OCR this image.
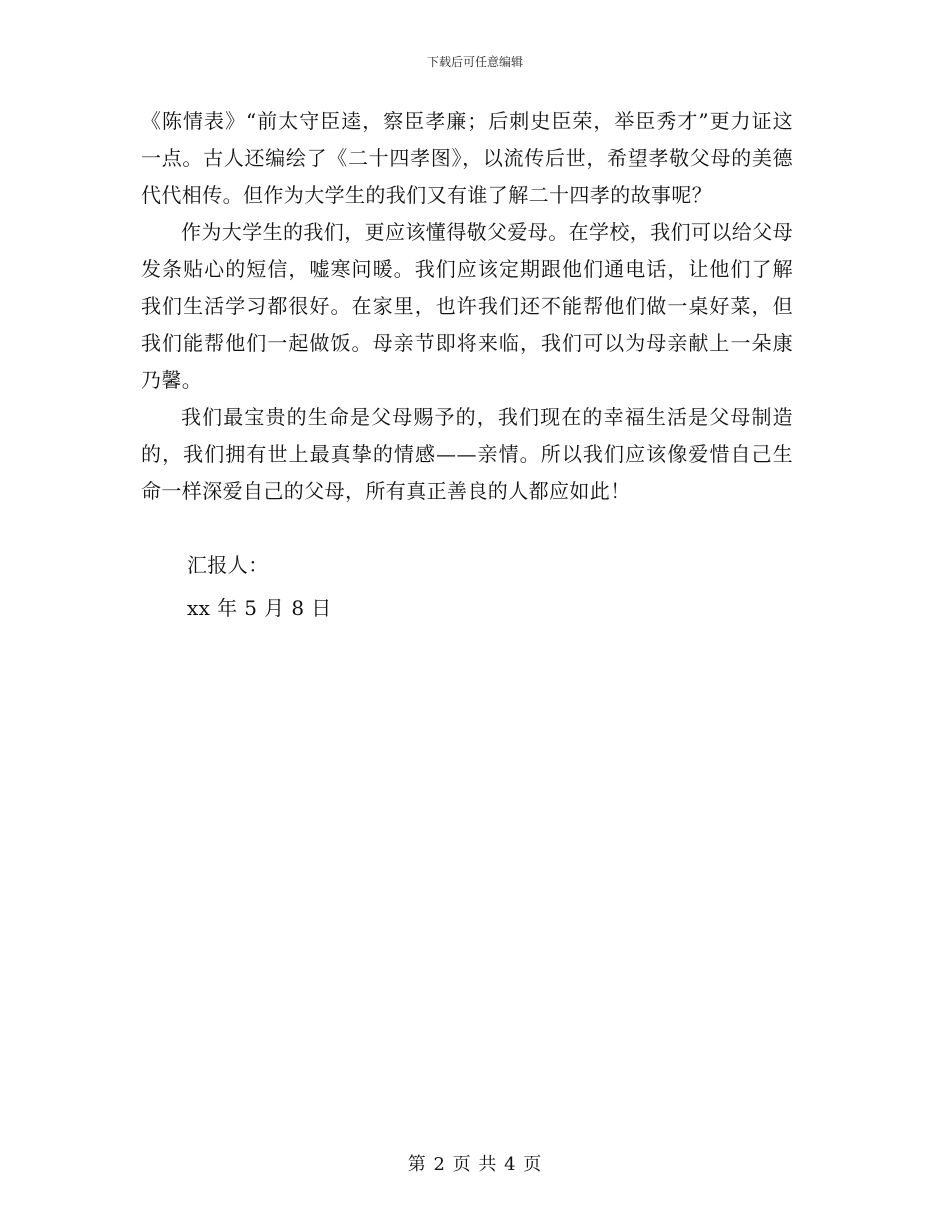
下载后可任意编辑

《陈情表》“前太守臣逵，察臣孝廉；后刺史臣荣，举臣秀才”更力证这一点。古人还编绘了《二十四孝图》，以流传后世，希望孝敬父母的美德代代相传。但作为大学生的我们又有谁了解二十四孝的故事呢？

作为大学生的我们，更应该懂得敬父爱母。在学校，我们可以给父母发条贴心的短信，嘘寒问暖。我们应该定期跟他们通电话，让他们了解我们生活学习都很好。在家里，也许我们还不能帮他们做一桌好菜，但我们能帮他们一起做饭。母亲节即将来临，我们可以为母亲献上一朵康乃馨。

我们最宝贵的生命是父母赐予的，我们现在的幸福生活是父母制造的，我们拥有世上最真挚的情感——亲情。所以我们应该像爱惜自己生命一样深爱自己的父母，所有真正善良的人都应如此！

汇报人：

xx 年 5 月 8 日

第 2 页 共 4 页
